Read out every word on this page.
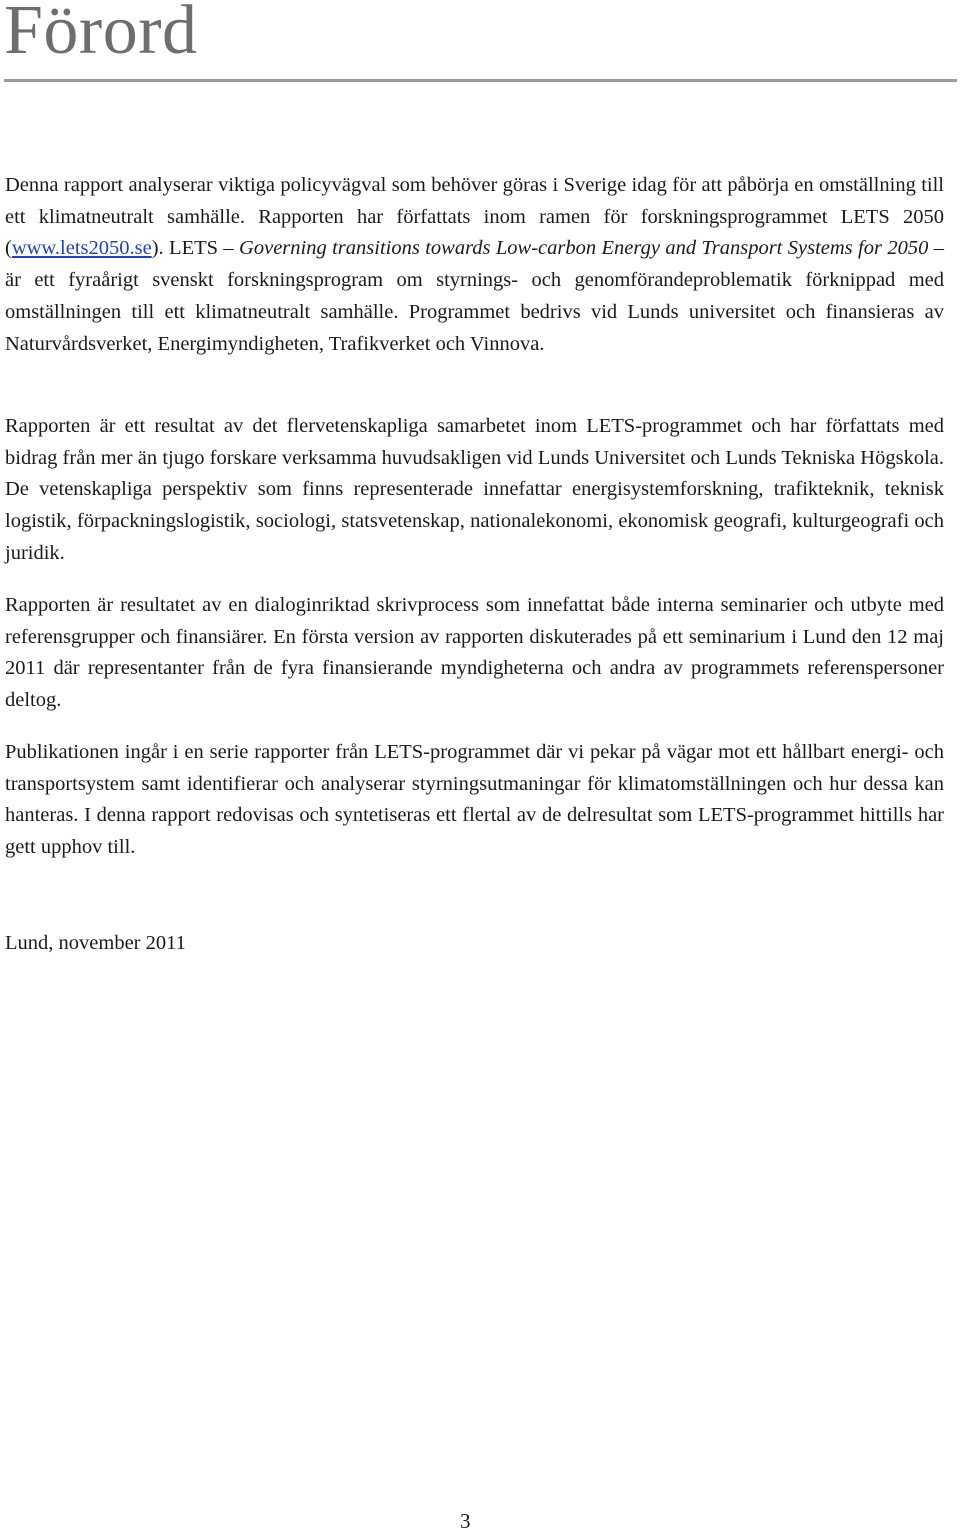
Förord

Denna rapport analyserar viktiga policyvägval som behöver göras i Sverige idag för att påbörja en omställning till ett klimatneutralt samhälle. Rapporten har författats inom ramen för forskningsprogrammet LETS 2050 (www.lets2050.se). LETS – Governing transitions towards Low-carbon Energy and Transport Systems for 2050 – är ett fyraårigt svenskt forskningsprogram om styrnings- och genomförandeproblematik förknippad med omställningen till ett klimatneutralt samhälle. Programmet bedrivs vid Lunds universitet och finansieras av Naturvårdsverket, Energimyndigheten, Trafikverket och Vinnova.

Rapporten är ett resultat av det flervetenskapliga samarbetet inom LETS-programmet och har författats med bidrag från mer än tjugo forskare verksamma huvudsakligen vid Lunds Universitet och Lunds Tekniska Högskola. De vetenskapliga perspektiv som finns representerade innefattar energisystemforskning, trafikteknik, teknisk logistik, förpackningslogistik, sociologi, statsvetenskap, nationalekonomi, ekonomisk geografi, kulturgeografi och juridik.

Rapporten är resultatet av en dialoginriktad skrivprocess som innefattat både interna seminarier och utbyte med referensgrupper och finansiärer. En första version av rapporten diskuterades på ett seminarium i Lund den 12 maj 2011 där representanter från de fyra finansierande myndigheterna och andra av programmets referenspersoner deltog.

Publikationen ingår i en serie rapporter från LETS-programmet där vi pekar på vägar mot ett hållbart energi- och transportsystem samt identifierar och analyserar styrningsutmaningar för klimatomställningen och hur dessa kan hanteras. I denna rapport redovisas och syntetiseras ett flertal av de delresultat som LETS-programmet hittills har gett upphov till.

Lund, november 2011

3
